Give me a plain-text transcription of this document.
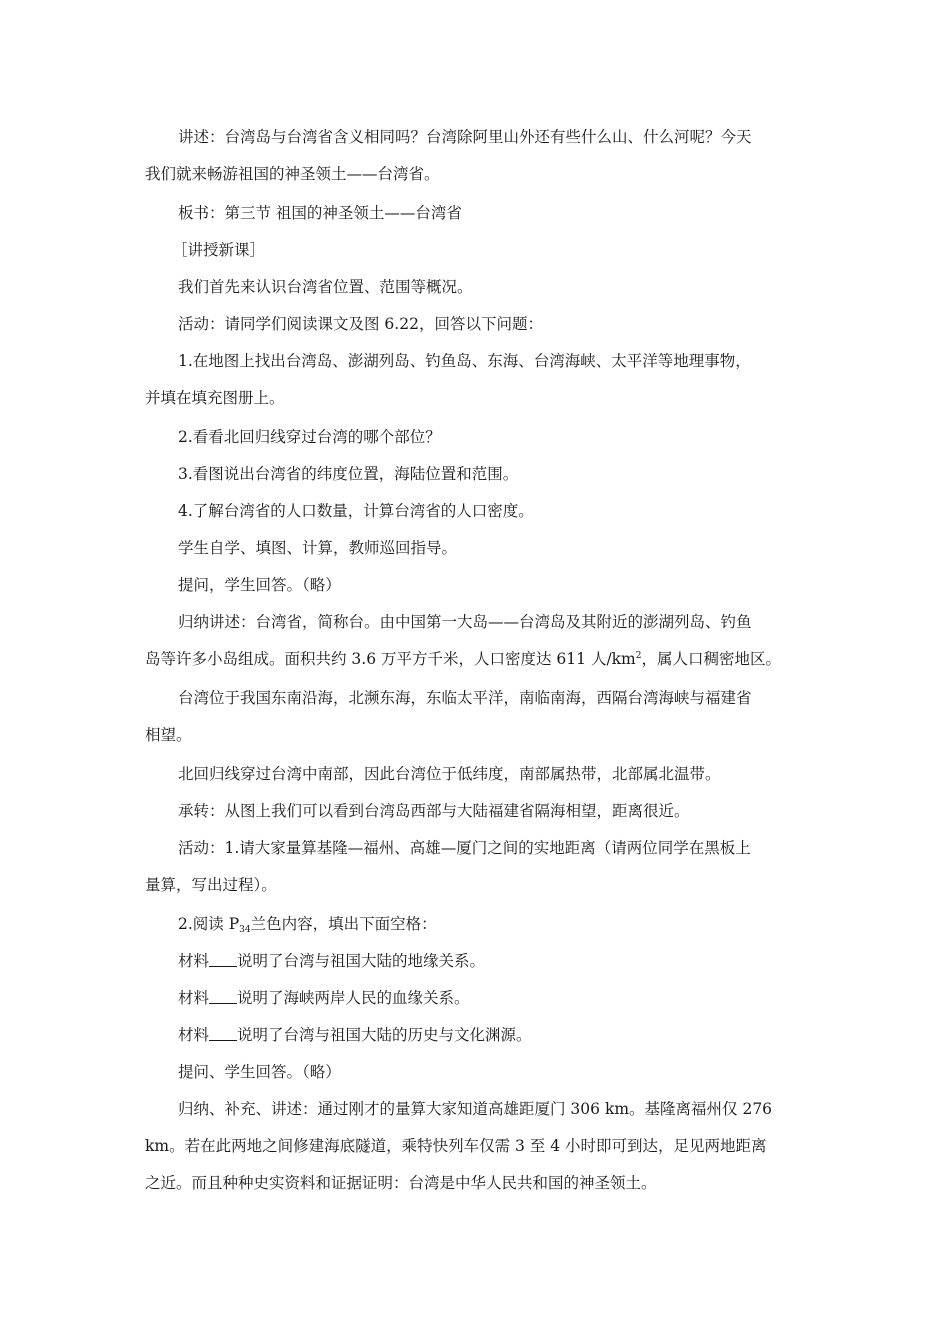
讲述：台湾岛与台湾省含义相同吗？台湾除阿里山外还有些什么山、什么河呢？今天
我们就来畅游祖国的神圣领土——台湾省。
板书：第三节 祖国的神圣领土——台湾省
［讲授新课］
我们首先来认识台湾省位置、范围等概况。
活动：请同学们阅读课文及图 6.22，回答以下问题：
1.在地图上找出台湾岛、澎湖列岛、钓鱼岛、东海、台湾海峡、太平洋等地理事物，
并填在填充图册上。
2.看看北回归线穿过台湾的哪个部位？
3.看图说出台湾省的纬度位置，海陆位置和范围。
4.了解台湾省的人口数量，计算台湾省的人口密度。
学生自学、填图、计算，教师巡回指导。
提问，学生回答。（略）
归纳讲述：台湾省，简称台。由中国第一大岛——台湾岛及其附近的澎湖列岛、钓鱼
岛等许多小岛组成。面积共约 3.6 万平方千米，人口密度达 611 人$/km^2$，属人口稠密地区。
台湾位于我国东南沿海，北濒东海，东临太平洋，南临南海，西隔台湾海峡与福建省
相望。
北回归线穿过台湾中南部，因此台湾位于低纬度，南部属热带，北部属北温带。
承转：从图上我们可以看到台湾岛西部与大陆福建省隔海相望，距离很近。
活动：1.请大家量算基隆—福州、高雄—厦门之间的实地距离（请两位同学在黑板上
量算，写出过程）。
2.阅读 $P_{34}$兰色内容，填出下面空格：
材料 说明了台湾与祖国大陆的地缘关系。
材料 说明了海峡两岸人民的血缘关系。
材料 说明了台湾与祖国大陆的历史与文化渊源。
提问、学生回答。（略）
归纳、补充、讲述：通过刚才的量算大家知道高雄距厦门 306 km。基隆离福州仅 276
km。若在此两地之间修建海底隧道，乘特快列车仅需 3 至 4 小时即可到达，足见两地距离
之近。而且种种史实资料和证据证明：台湾是中华人民共和国的神圣领土。
